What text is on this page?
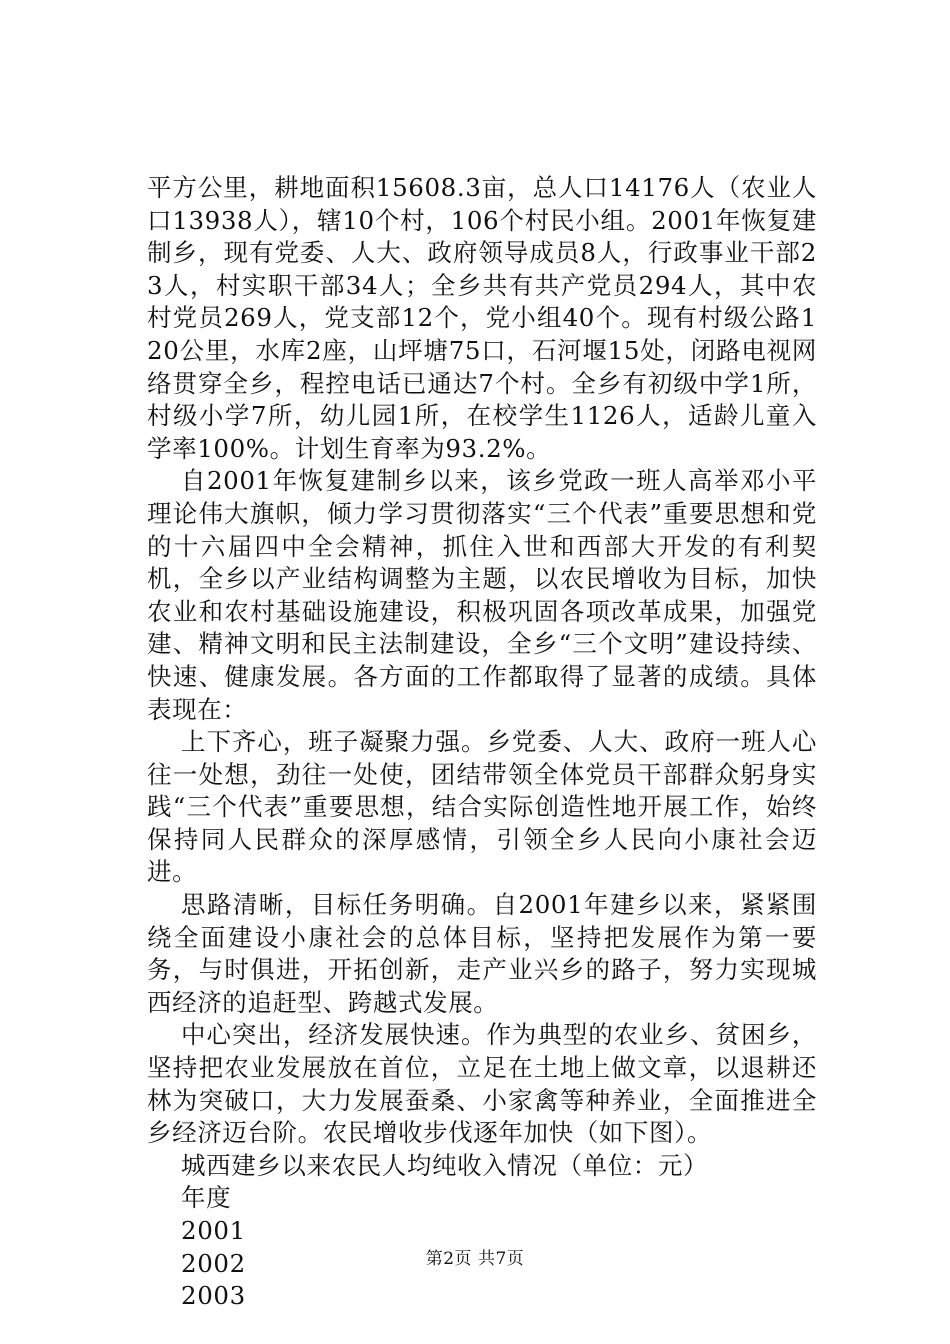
平方公里，耕地面积15608.3亩，总人口14176人（农业人口13938人），辖10个村，106个村民小组。2001年恢复建制乡，现有党委、人大、政府领导成员8人，行政事业干部23人，村实职干部34人；全乡共有共产党员294人，其中农村党员269人，党支部12个，党小组40个。现有村级公路120公里，水库2座，山坪塘75口，石河堰15处，闭路电视网络贯穿全乡，程控电话已通达7个村。全乡有初级中学1所，村级小学7所，幼儿园1所，在校学生1126人，适龄儿童入学率100%。计划生育率为93.2%。

自2001年恢复建制乡以来，该乡党政一班人高举邓小平理论伟大旗帜，倾力学习贯彻落实“三个代表”重要思想和党的十六届四中全会精神，抓住入世和西部大开发的有利契机，全乡以产业结构调整为主题，以农民增收为目标，加快农业和农村基础设施建设，积极巩固各项改革成果，加强党建、精神文明和民主法制建设，全乡“三个文明”建设持续、快速、健康发展。各方面的工作都取得了显著的成绩。具体表现在：

上下齐心，班子凝聚力强。乡党委、人大、政府一班人心往一处想，劲往一处使，团结带领全体党员干部群众躬身实践“三个代表”重要思想，结合实际创造性地开展工作，始终保持同人民群众的深厚感情，引领全乡人民向小康社会迈进。

思路清晰，目标任务明确。自2001年建乡以来，紧紧围绕全面建设小康社会的总体目标，坚持把发展作为第一要务，与时俱进，开拓创新，走产业兴乡的路子，努力实现城西经济的追赶型、跨越式发展。

中心突出，经济发展快速。作为典型的农业乡、贫困乡，坚持把农业发展放在首位，立足在土地上做文章，以退耕还林为突破口，大力发展蚕桑、小家禽等种养业，全面推进全乡经济迈台阶。农民增收步伐逐年加快（如下图）。

城西建乡以来农民人均纯收入情况（单位：元）

年度

2001

2002

2003

第2页 共7页
